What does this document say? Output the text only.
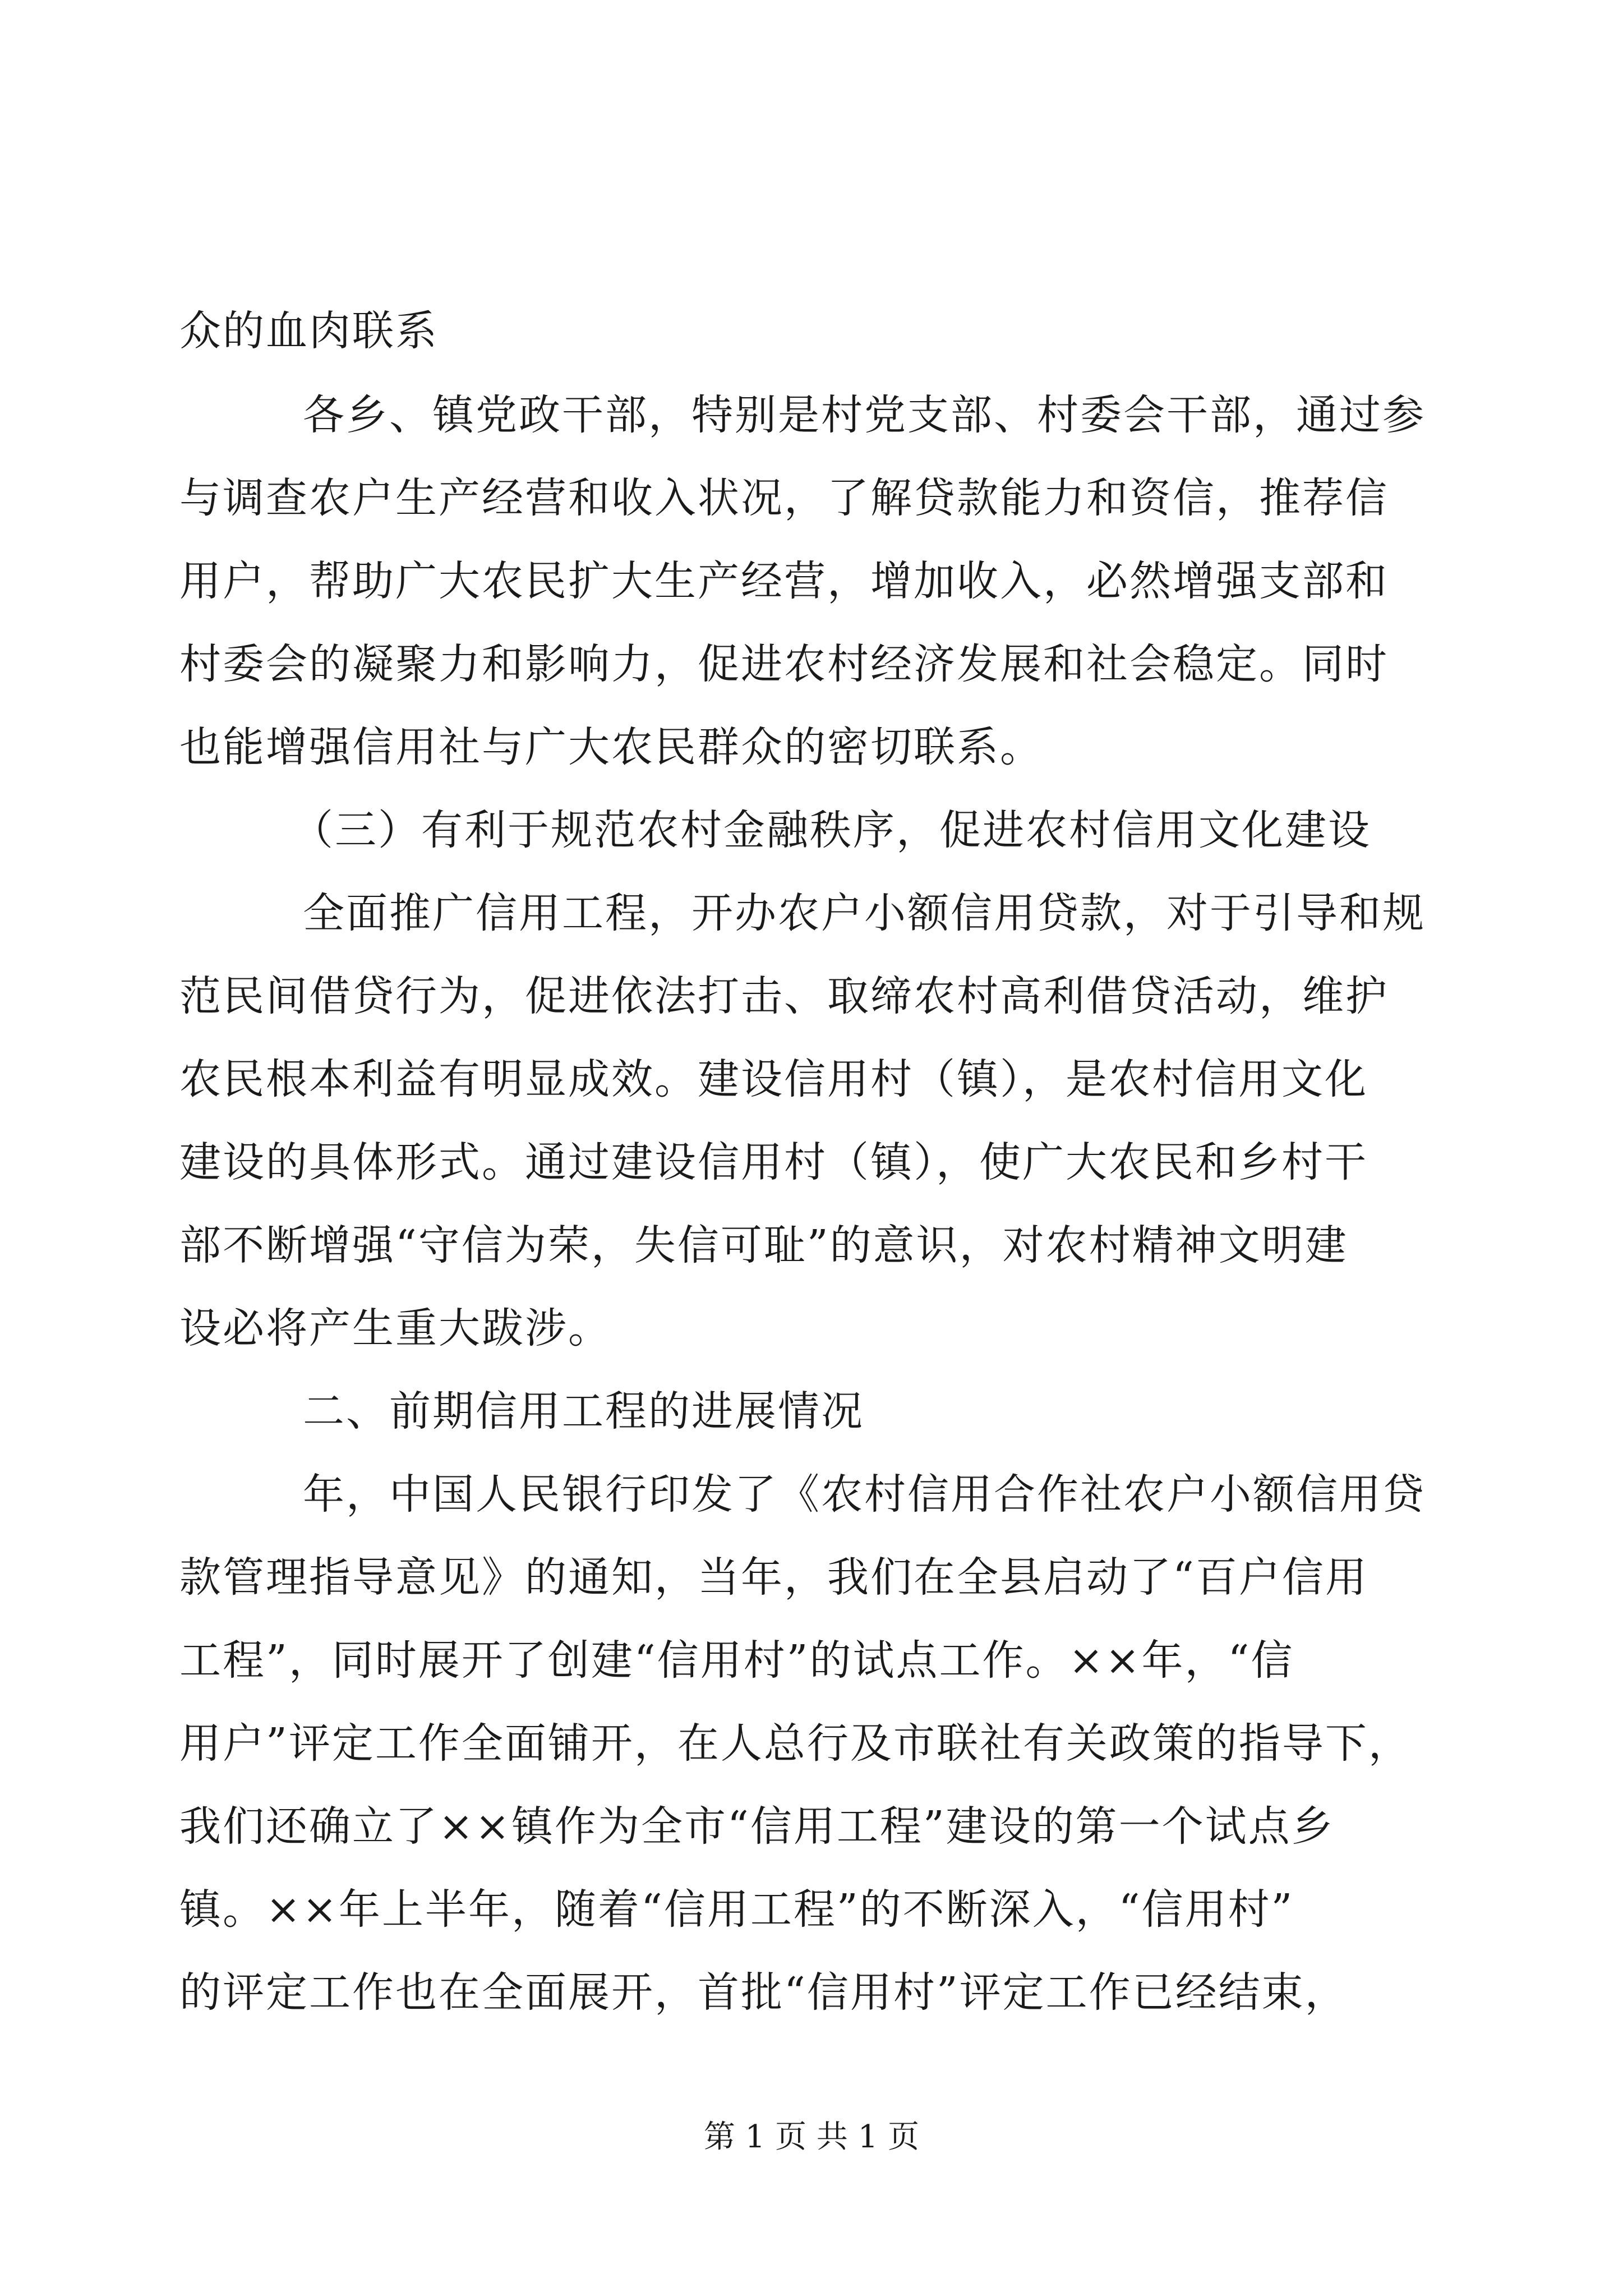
众的血肉联系
各乡、镇党政干部，特别是村党支部、村委会干部，通过参
与调查农户生产经营和收入状况，了解贷款能力和资信，推荐信
用户，帮助广大农民扩大生产经营，增加收入，必然增强支部和
村委会的凝聚力和影响力，促进农村经济发展和社会稳定。同时
也能增强信用社与广大农民群众的密切联系。
（三）有利于规范农村金融秩序，促进农村信用文化建设
全面推广信用工程，开办农户小额信用贷款，对于引导和规
范民间借贷行为，促进依法打击、取缔农村高利借贷活动，维护
农民根本利益有明显成效。建设信用村（镇），是农村信用文化
建设的具体形式。通过建设信用村（镇），使广大农民和乡村干
部不断增强“守信为荣，失信可耻”的意识，对农村精神文明建
设必将产生重大跋涉。
二、前期信用工程的进展情况
年，中国人民银行印发了《农村信用合作社农户小额信用贷
款管理指导意见》的通知，当年，我们在全县启动了“百户信用
工程”，同时展开了创建“信用村”的试点工作。××年，“信
用户”评定工作全面铺开，在人总行及市联社有关政策的指导下，
我们还确立了××镇作为全市“信用工程”建设的第一个试点乡
镇。××年上半年，随着“信用工程”的不断深入，“信用村”
的评定工作也在全面展开，首批“信用村”评定工作已经结束，
第 1 页 共 1 页
